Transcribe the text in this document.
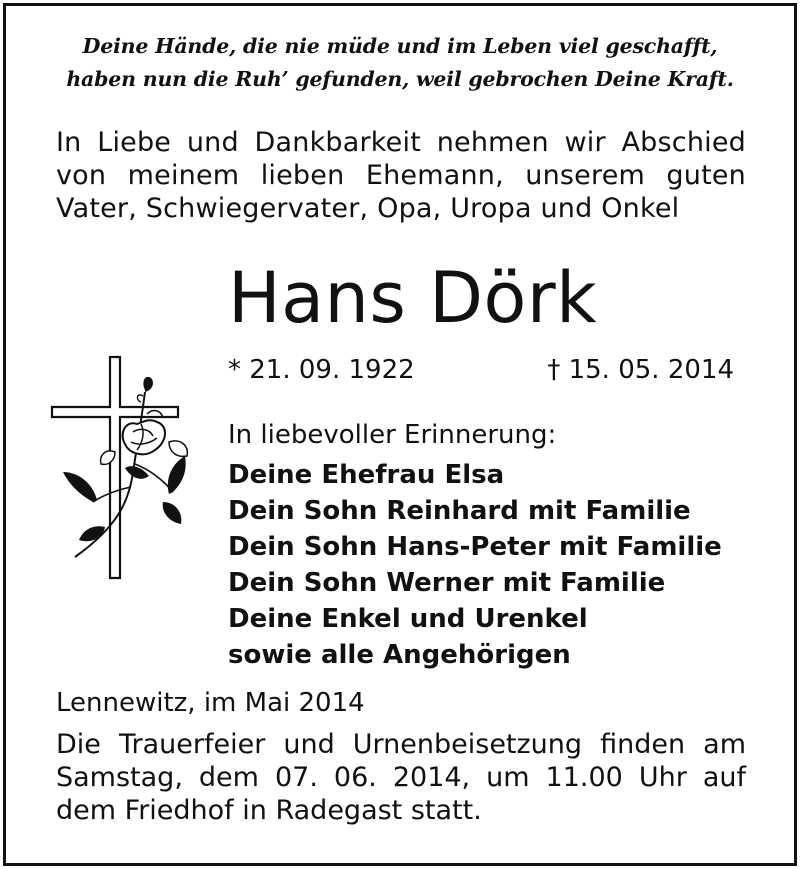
Deine Hände, die nie müde und im Leben viel geschafft,
haben nun die Ruh’ gefunden, weil gebrochen Deine Kraft.
In Liebe und Dankbarkeit nehmen wir Abschied
von meinem lieben Ehemann, unserem guten
Vater, Schwiegervater, Opa, Uropa und Onkel
Hans Dörk
* 21. 09. 1922	† 15. 05. 2014
In liebevoller Erinnerung:
Deine Ehefrau Elsa
Dein Sohn Reinhard mit Familie
Dein Sohn Hans-Peter mit Familie
Dein Sohn Werner mit Familie
Deine Enkel und Urenkel
sowie alle Angehörigen
Lennewitz, im Mai 2014
Die Trauerfeier und Urnenbeisetzung finden am
Samstag, dem 07. 06. 2014, um 11.00 Uhr auf
dem Friedhof in Radegast statt.
